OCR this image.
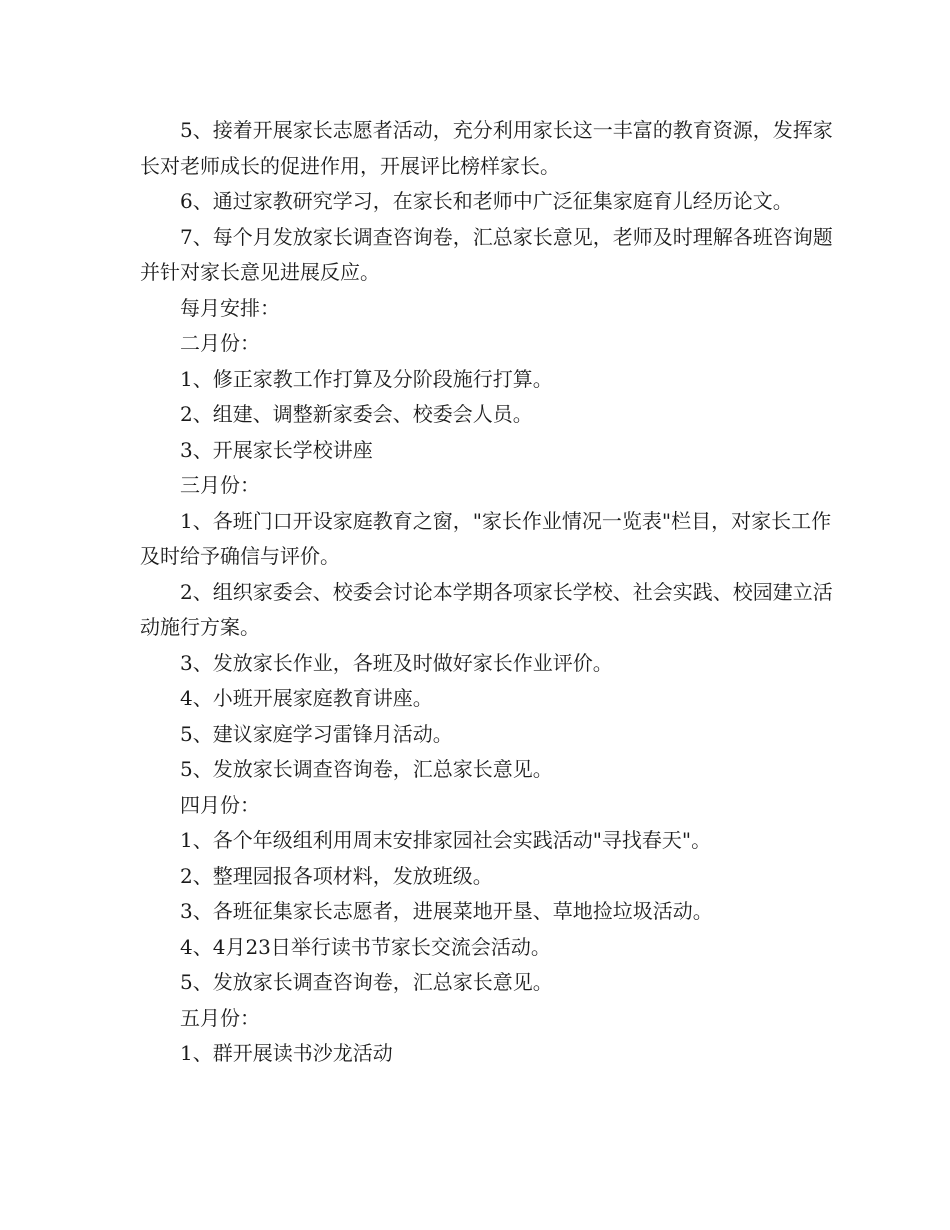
5、接着开展家长志愿者活动，充分利用家长这一丰富的教育资源，发挥家长对老师成长的促进作用，开展评比榜样家长。

6、通过家教研究学习，在家长和老师中广泛征集家庭育儿经历论文。

7、每个月发放家长调查咨询卷，汇总家长意见，老师及时理解各班咨询题并针对家长意见进展反应。

每月安排：

二月份：

1、修正家教工作打算及分阶段施行打算。

2、组建、调整新家委会、校委会人员。

3、开展家长学校讲座

三月份：

1、各班门口开设家庭教育之窗，"家长作业情况一览表"栏目，对家长工作及时给予确信与评价。

2、组织家委会、校委会讨论本学期各项家长学校、社会实践、校园建立活动施行方案。

3、发放家长作业，各班及时做好家长作业评价。

4、小班开展家庭教育讲座。

5、建议家庭学习雷锋月活动。

5、发放家长调查咨询卷，汇总家长意见。

四月份：

1、各个年级组利用周末安排家园社会实践活动"寻找春天"。

2、整理园报各项材料，发放班级。

3、各班征集家长志愿者，进展菜地开垦、草地捡垃圾活动。

4、4月23日举行读书节家长交流会活动。

5、发放家长调查咨询卷，汇总家长意见。

五月份：

1、群开展读书沙龙活动
